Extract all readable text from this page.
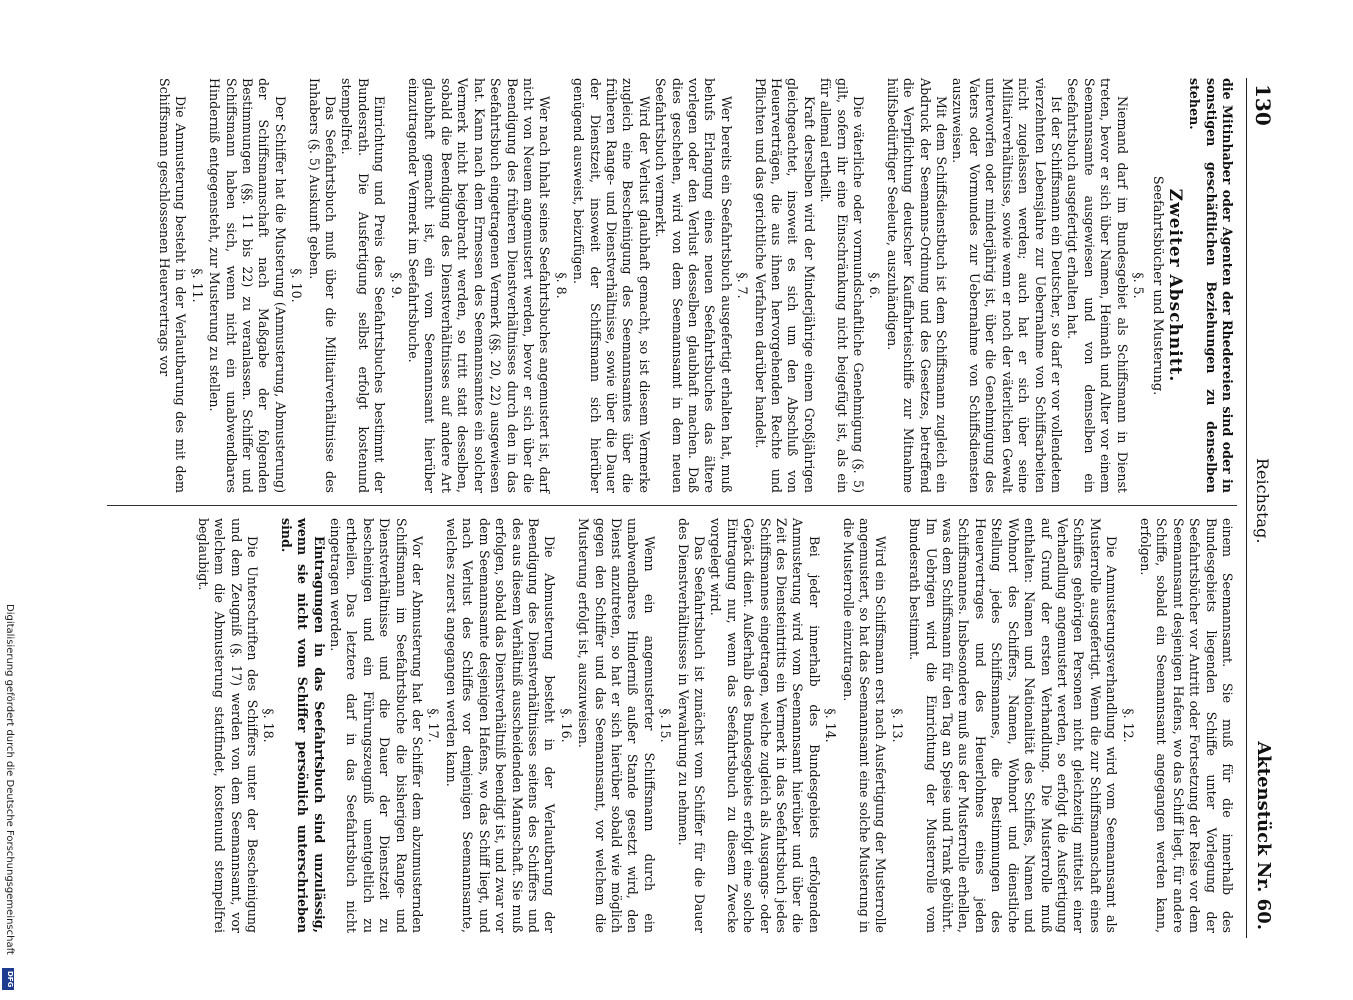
130
Reichstag.
Aktenstück Nr. 60.
die Mitinhaber oder Agenten der Rhedereien sind oder in sonstigen geschäftlichen Beziehungen zu denselben stehen.
Zweiter Abschnitt.
Seefahrtsbücher und Musterung.
§. 5.
Niemand darf im Bundesgebiet als Schiffsmann in Dienst treten, bevor er sich über Namen, Heimath und Alter vor einem Seemannsamte ausgewiesen und von demselben ein Seefahrtsbuch ausgefertigt erhalten hat.
Ist der Schiffsmann ein Deutscher, so darf er vor vollendetem vierzehnten Lebensjahre zur Uebernahme von Schiffsarbeiten nicht zugelassen werden; auch hat er sich über seine Militairverhältnisse, sowie wenn er noch der väterlichen Gewalt unterworfen oder minderjährig ist, über die Genehmigung des Vaters oder Vormundes zur Uebernahme von Schiffsdiensten auszuweisen.
Mit dem Schiffsdienstbuch ist dem Schiffsmann zugleich ein Abdruck der Seemanns-Ordnung und des Gesetzes, betreffend die Verpflichtung deutscher Kauffahrteischiffe zur Mitnahme hülfsbedürftiger Seeleute, auszuhändigen.
§. 6.
Die väterliche oder vormundschaftliche Genehmigung (§. 5) gilt, sofern ihr eine Einschränkung nicht beigefügt ist, als ein für allemal ertheilt.
Kraft derselben wird der Minderjährige einem Großjährigen gleichgeachtet, insoweit es sich um den Abschluß von Heuerverträgen, die aus ihnen hervorgehenden Rechte und Pflichten und das gerichtliche Verfahren darüber handelt.
§. 7.
Wer bereits ein Seefahrtsbuch ausgefertigt erhalten hat, muß behufs Erlangung eines neuen Seefahrtsbuches das ältere vorlegen oder den Verlust desselben glaubhaft machen. Daß dies geschehen, wird von dem Seemannsamt in dem neuen Seefahrtsbuch vermerkt.
Wird der Verlust glaubhaft gemacht, so ist diesem Vermerke zugleich eine Bescheinigung des Seemannsamtes über die früheren Range- und Dienstverhältnisse, sowie über die Dauer der Dienstzeit, insoweit der Schiffsmann sich hierüber genügend ausweist, beizufügen.
§. 8.
Wer nach Inhalt seines Seefahrtsbuches angemustert ist, darf nicht von Neuem angemustert werden, bevor er sich über die Beendigung des früheren Dienstverhältnisses durch den in das Seefahrtsbuch eingetragenen Vermerk (§§. 20, 22) ausgewiesen hat. Kann nach dem Ermessen des Seemannsamtes ein solcher Vermerk nicht beigebracht werden, so tritt statt desselben, sobald die Beendigung des Dienstverhältnisses auf andere Art glaubhaft gemacht ist, ein vom Seemannsamt hierüber einzutragender Vermerk im Seefahrtsbuche.
§. 9.
Einrichtung und Preis des Seefahrtsbuches bestimmt der Bundesrath. Die Ausfertigung selbst erfolgt kostenund stempelfrei.
Das Seefahrtsbuch muß über die Militairverhältnisse des Inhabers (§. 5) Auskunft geben.
§. 10.
Der Schiffer hat die Musterung (Anmusterung, Abmusterung) der Schiffsmannschaft nach Maßgabe der folgenden Bestimmungen (§§. 11 bis 22) zu veranlassen. Schiffer und Schiffsmann haben sich, wenn nicht ein unabwendbares Hinderniß entgegensteht, zur Musterung zu stellen.
§. 11.
Die Anmusterung besteht in der Verlautbarung des mit dem Schiffsmann geschlossenen Heuervertrags vor
einem Seemannsamt. Sie muß für die innerhalb des Bundesgebiets liegenden Schiffe unter Vorlegung der Seefahrtsbücher vor Antritt oder Fortsetzung der Reise vor dem Seemannsamt desjenigen Hafens, wo das Schiff liegt, für andere Schiffe, sobald ein Seemannsamt angegangen werden kann, erfolgen.
§. 12.
Die Anmusterungsverhandlung wird vom Seemannsamt als Musterrolle ausgefertigt. Wenn die zur Schiffsmannschaft eines Schiffes gehörigen Personen nicht gleichzeitig mittelst einer Verhandlung angemustert werden, so erfolgt die Ausfertigung auf Grund der ersten Verhandlung. Die Musterrolle muß enthalten: Namen und Nationalität des Schiffes, Namen und Wohnort des Schiffers, Namen, Wohnort und dienstliche Stellung jedes Schiffsmannes, die Bestimmungen des Heuervertrages und des Heuerlohnes eines jeden Schiffsmannes. Insbesondere muß aus der Musterrolle erhellen, was dem Schiffsmann für den Tag an Speise und Trank gebührt. Im Uebrigen wird die Einrichtung der Musterrolle vom Bundesrath bestimmt.
§. 13.
Wird ein Schiffsmann erst nach Ausfertigung der Musterrolle angemustert, so hat das Seemannsamt eine solche Musterung in die Musterrolle einzutragen.
§. 14.
Bei jeder innerhalb des Bundesgebiets erfolgenden Anmusterung wird vom Seemannsamt hierüber und über die Zeit des Diensteintritts ein Vermerk in das Seefahrtsbuch jedes Schiffsmannes eingetragen, welche zugleich als Ausgangs- oder Gepäck dient. Außerhalb des Bundesgebiets erfolgt eine solche Eintragung nur, wenn das Seefahrtsbuch zu diesem Zwecke vorgelegt wird.
Das Seefahrtsbuch ist zunächst vom Schiffer für die Dauer des Dienstverhältnisses in Verwahrung zu nehmen.
§. 15.
Wenn ein angemusterter Schiffsmann durch ein unabwendbares Hinderniß außer Stande gesetzt wird, den Dienst anzutreten, so hat er sich hierüber sobald wie möglich gegen den Schiffer und das Seemannsamt, vor welchem die Musterung erfolgt ist, auszuweisen.
§. 16.
Die Abmusterung besteht in der Verlautbarung der Beendigung des Dienstverhältnisses seitens des Schiffers und des aus diesem Verhältniß ausscheidenden Mannschaft. Sie muß erfolgen, sobald das Dienstverhältniß beendigt ist, und zwar vor dem Seemannsamte desjenigen Hafens, wo das Schiff liegt, und nach Verlust des Schiffes vor demjenigen Seemannsamte, welches zuerst angegangen werden kann.
§. 17.
Vor der Abmusterung hat der Schiffer dem abzumusternden Schiffsmann im Seefahrtsbuche die bisherigen Range- und Dienstverhältnisse und die Dauer der Dienstzeit zu bescheinigen und ein Führungszeugniß unentgeltlich zu ertheilen. Das letztere darf in das Seefahrtsbuch nicht eingetragen werden.
Eintragungen in das Seefahrtsbuch sind unzulässig, wenn sie nicht vom Schiffer persönlich unterschrieben sind.
§. 18.
Die Unterschriften des Schiffers unter der Bescheinigung und dem Zeugniß (§. 17) werden von dem Seemannsamt, vor welchem die Abmusterung stattfindet, kostenund stempelfrei beglaubigt.
Digitalisierung gefördert durch die Deutsche Forschungsgemeinschaft
DFG
